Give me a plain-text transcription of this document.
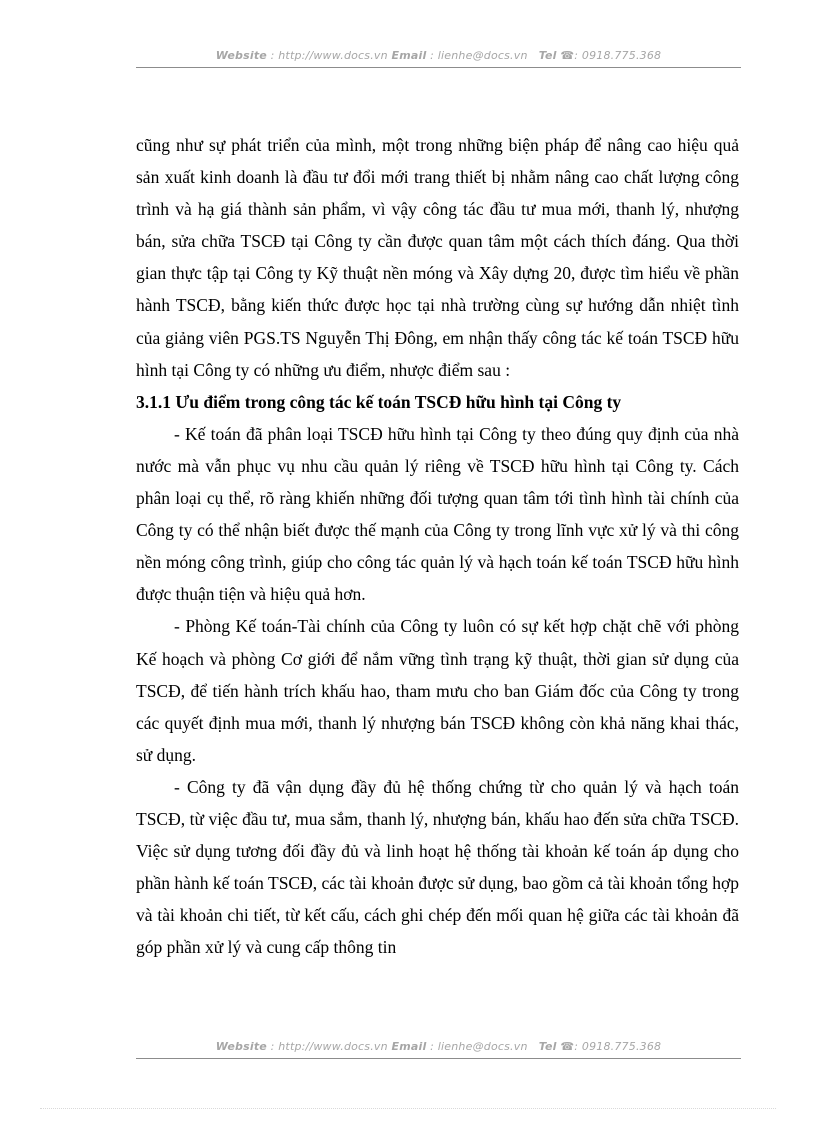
Website : http://www.docs.vn Email : lienhe@docs.vn Tel ☎: 0918.775.368

cũng như sự phát triển của mình, một trong những biện pháp để nâng cao hiệu quả sản xuất kinh doanh là đầu tư đổi mới trang thiết bị nhằm nâng cao chất lượng công trình và hạ giá thành sản phẩm, vì vậy công tác đầu tư mua mới, thanh lý, nhượng bán, sửa chữa TSCĐ tại Công ty cần được quan tâm một cách thích đáng. Qua thời gian thực tập tại Công ty Kỹ thuật nền móng và Xây dựng 20, được tìm hiểu về phần hành TSCĐ, bằng kiến thức được học tại nhà trường cùng sự hướng dẫn nhiệt tình của giảng viên PGS.TS Nguyễn Thị Đông, em nhận thấy công tác kế toán TSCĐ hữu hình tại Công ty có những ưu điểm, nhược điểm sau :

3.1.1 Ưu điểm trong công tác kế toán TSCĐ hữu hình tại Công ty

- Kế toán đã phân loại TSCĐ hữu hình tại Công ty theo đúng quy định của nhà nước mà vẫn phục vụ nhu cầu quản lý riêng về TSCĐ hữu hình tại Công ty. Cách phân loại cụ thể, rõ ràng khiến những đối tượng quan tâm tới tình hình tài chính của Công ty có thể nhận biết được thế mạnh của Công ty trong lĩnh vực xử lý và thi công nền móng công trình, giúp cho công tác quản lý và hạch toán kế toán TSCĐ hữu hình được thuận tiện và hiệu quả hơn.

- Phòng Kế toán-Tài chính của Công ty luôn có sự kết hợp chặt chẽ với phòng Kế hoạch và phòng Cơ giới để nắm vững tình trạng kỹ thuật, thời gian sử dụng của TSCĐ, để tiến hành trích khấu hao, tham mưu cho ban Giám đốc của Công ty trong các quyết định mua mới, thanh lý nhượng bán TSCĐ không còn khả năng khai thác, sử dụng.

- Công ty đã vận dụng đầy đủ hệ thống chứng từ cho quản lý và hạch toán TSCĐ, từ việc đầu tư, mua sắm, thanh lý, nhượng bán, khấu hao đến sửa chữa TSCĐ. Việc sử dụng tương đối đầy đủ và linh hoạt hệ thống tài khoản kế toán áp dụng cho phần hành kế toán TSCĐ, các tài khoản được sử dụng, bao gồm cả tài khoản tổng hợp và tài khoản chi tiết, từ kết cấu, cách ghi chép đến mối quan hệ giữa các tài khoản đã góp phần xử lý và cung cấp thông tin

Website : http://www.docs.vn Email : lienhe@docs.vn Tel ☎: 0918.775.368
